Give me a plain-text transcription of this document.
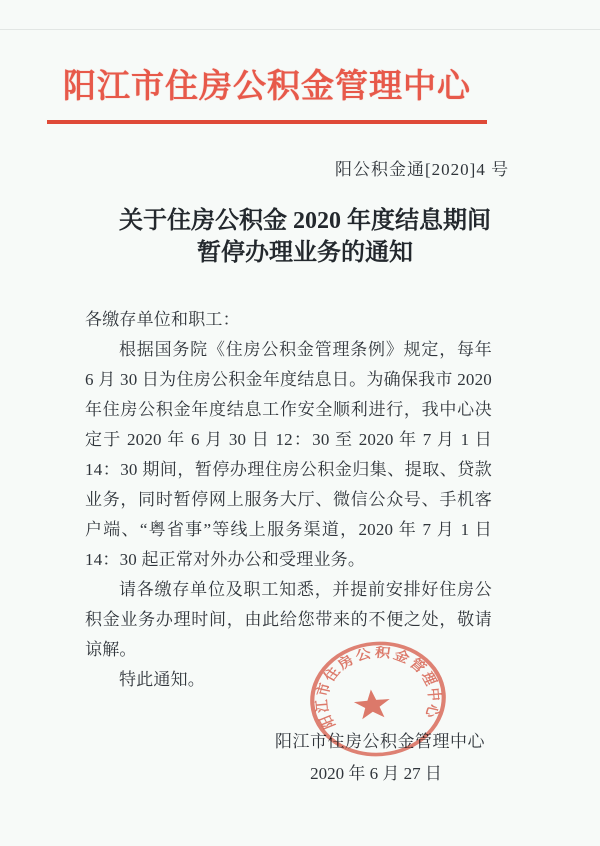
阳江市住房公积金管理中心
阳公积金通[2020]4 号
关于住房公积金 2020 年度结息期间
暂停办理业务的通知

各缴存单位和职工：

根据国务院《住房公积金管理条例》规定，每年 6 月 30 日为住房公积金年度结息日。为确保我市 2020 年住房公积金年度结息工作安全顺利进行，我中心决定于 2020 年 6 月 30 日 12：30 至 2020 年 7 月 1 日 14：30 期间，暂停办理住房公积金归集、提取、贷款业务，同时暂停网上服务大厅、微信公众号、手机客户端、“粤省事”等线上服务渠道，2020 年 7 月 1 日 14：30 起正常对外办公和受理业务。

请各缴存单位及职工知悉，并提前安排好住房公积金业务办理时间，由此给您带来的不便之处，敬请谅解。

特此通知。

阳江市住房公积金管理中心
2020 年 6 月 27 日
阳江市住房公积金管理中心
